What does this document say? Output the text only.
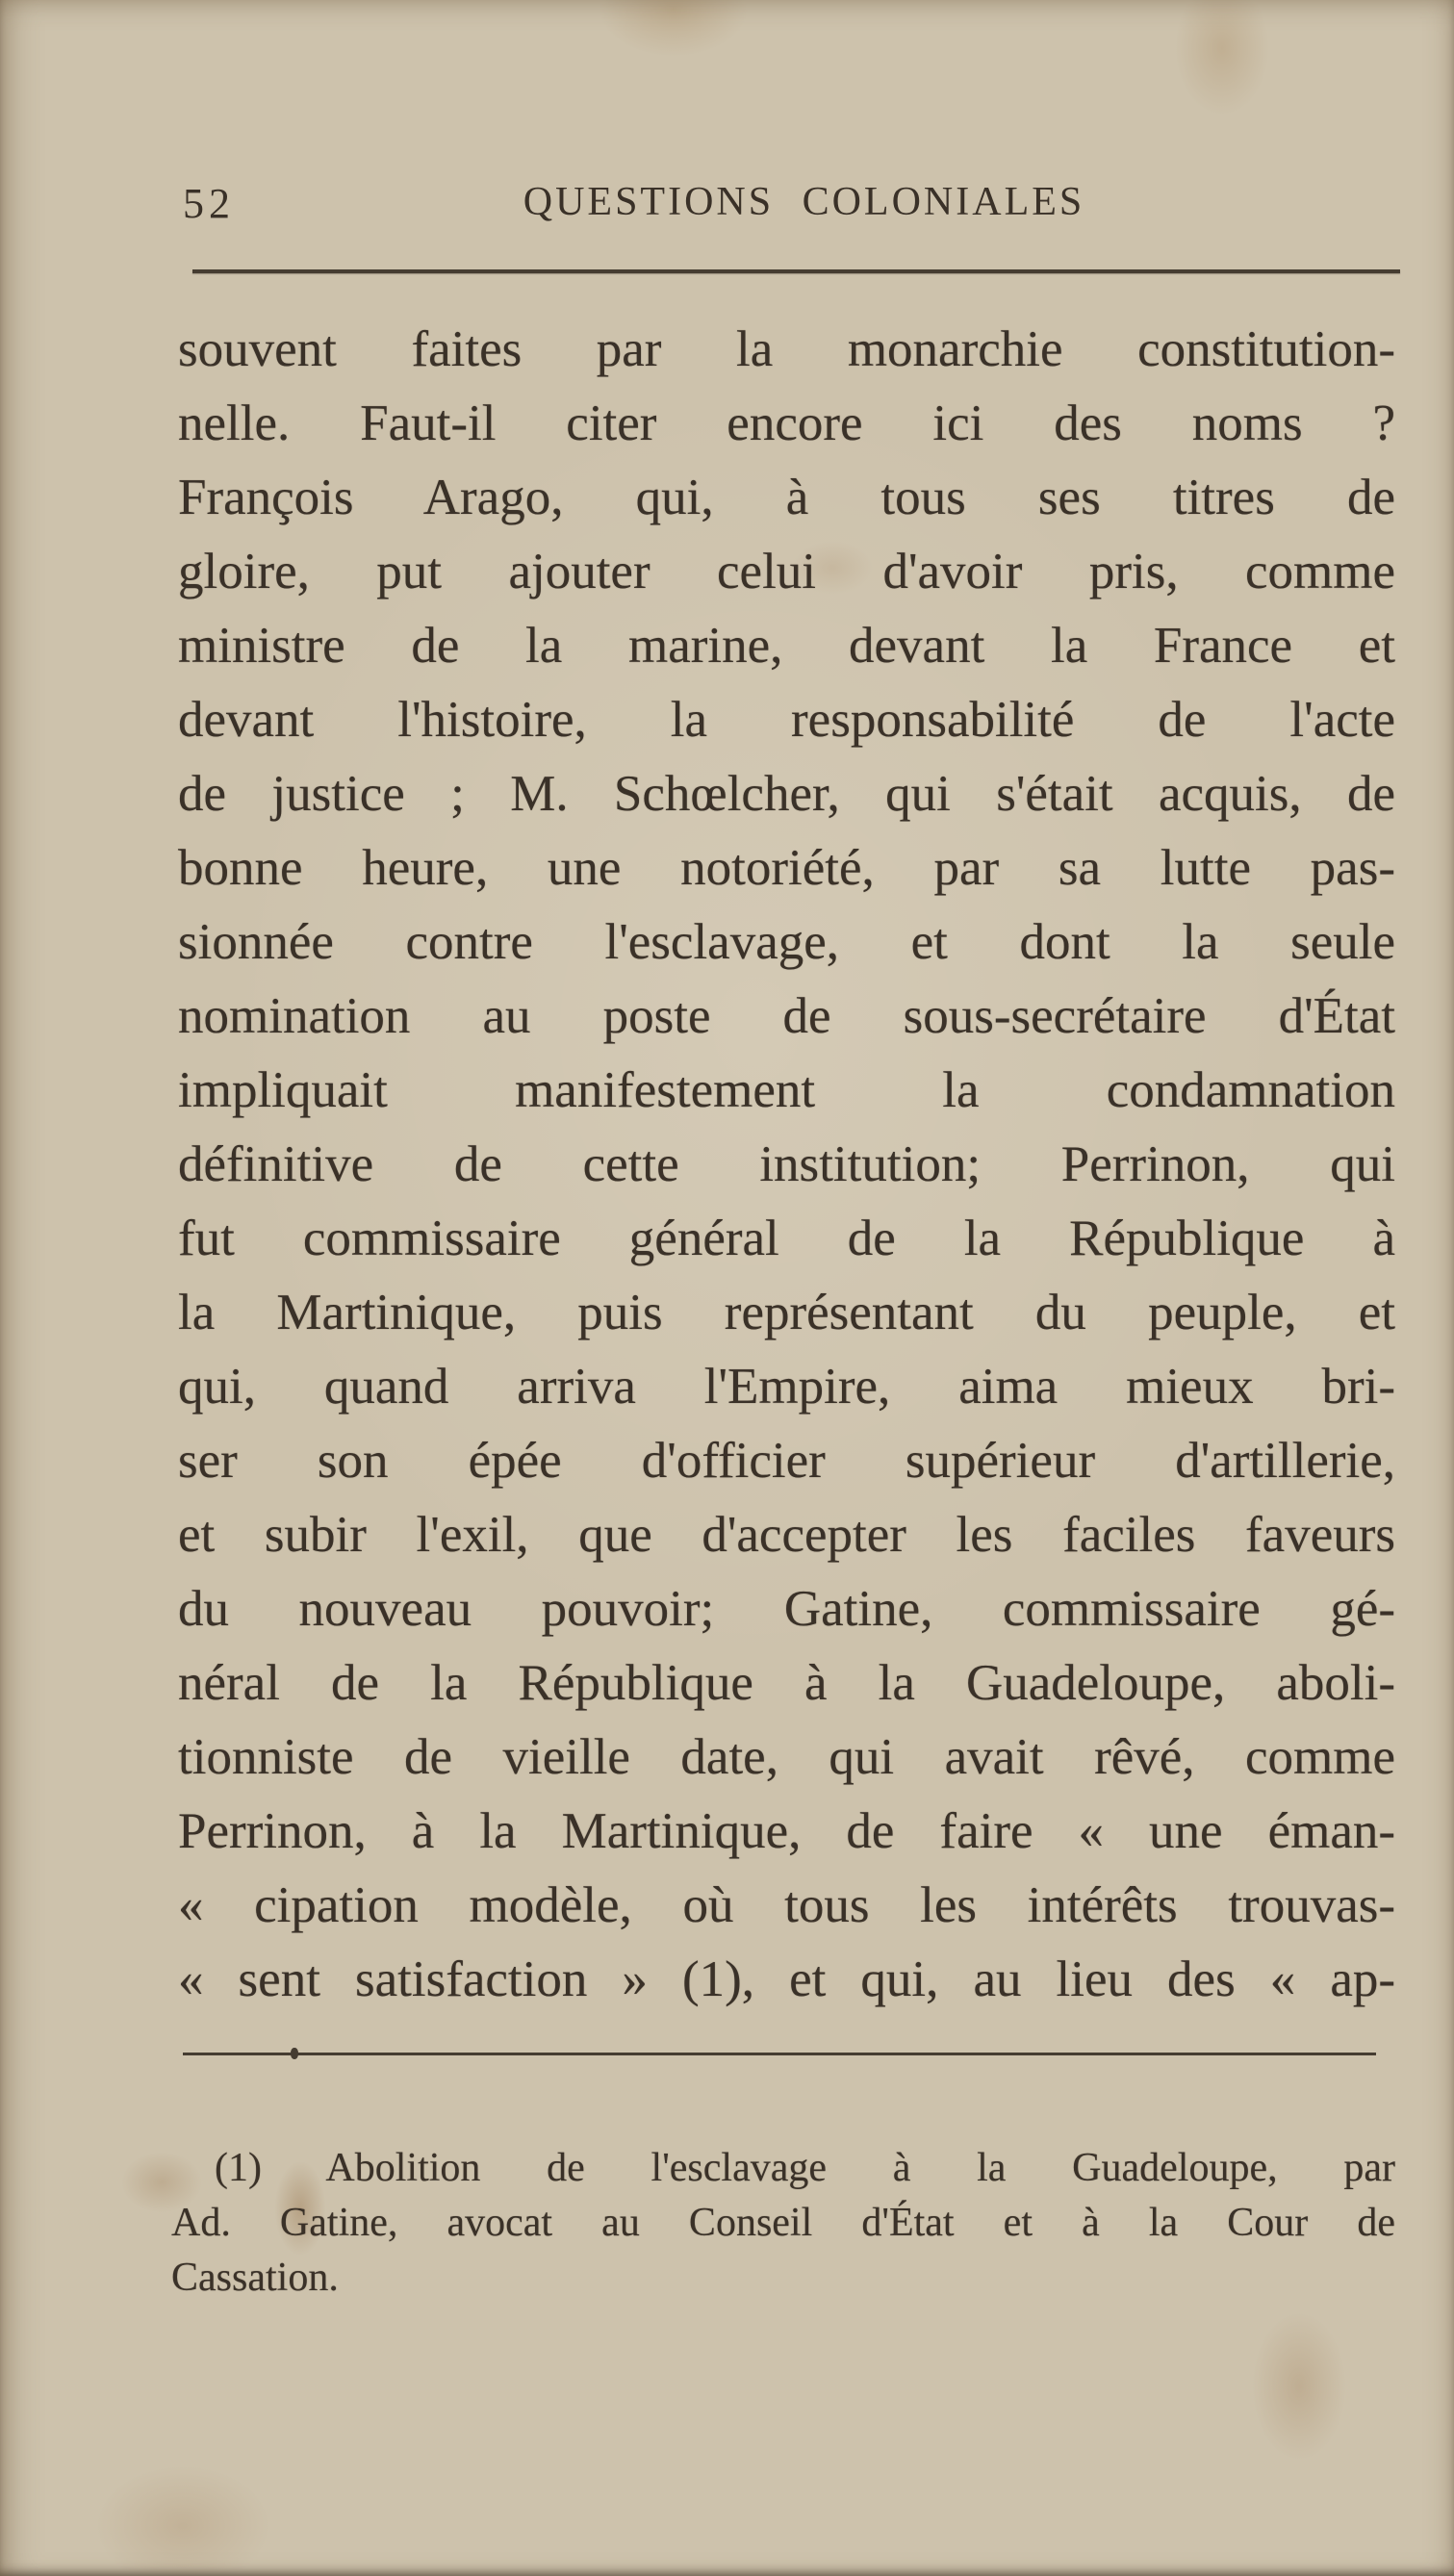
52	QUESTIONS COLONIALES
souvent faites par la monarchie constitution-
nelle. Faut-il citer encore ici des noms ?
François Arago, qui, à tous ses titres de
gloire, put ajouter celui d'avoir pris, comme
ministre de la marine, devant la France et
devant l'histoire, la responsabilité de l'acte
de justice ; M. Schœlcher, qui s'était acquis, de
bonne heure, une notoriété, par sa lutte pas-
sionnée contre l'esclavage, et dont la seule
nomination au poste de sous-secrétaire d'État
impliquait manifestement la condamnation
définitive de cette institution; Perrinon, qui
fut commissaire général de la République à
la Martinique, puis représentant du peuple, et
qui, quand arriva l'Empire, aima mieux bri-
ser son épée d'officier supérieur d'artillerie,
et subir l'exil, que d'accepter les faciles faveurs
du nouveau pouvoir; Gatine, commissaire gé-
néral de la République à la Guadeloupe, aboli-
tionniste de vieille date, qui avait rêvé, comme
Perrinon, à la Martinique, de faire « une éman-
« cipation modèle, où tous les intérêts trouvas-
« sent satisfaction » (1), et qui, au lieu des « ap-
(1) Abolition de l'esclavage à la Guadeloupe, par
Ad. Gatine, avocat au Conseil d'État et à la Cour de
Cassation.
